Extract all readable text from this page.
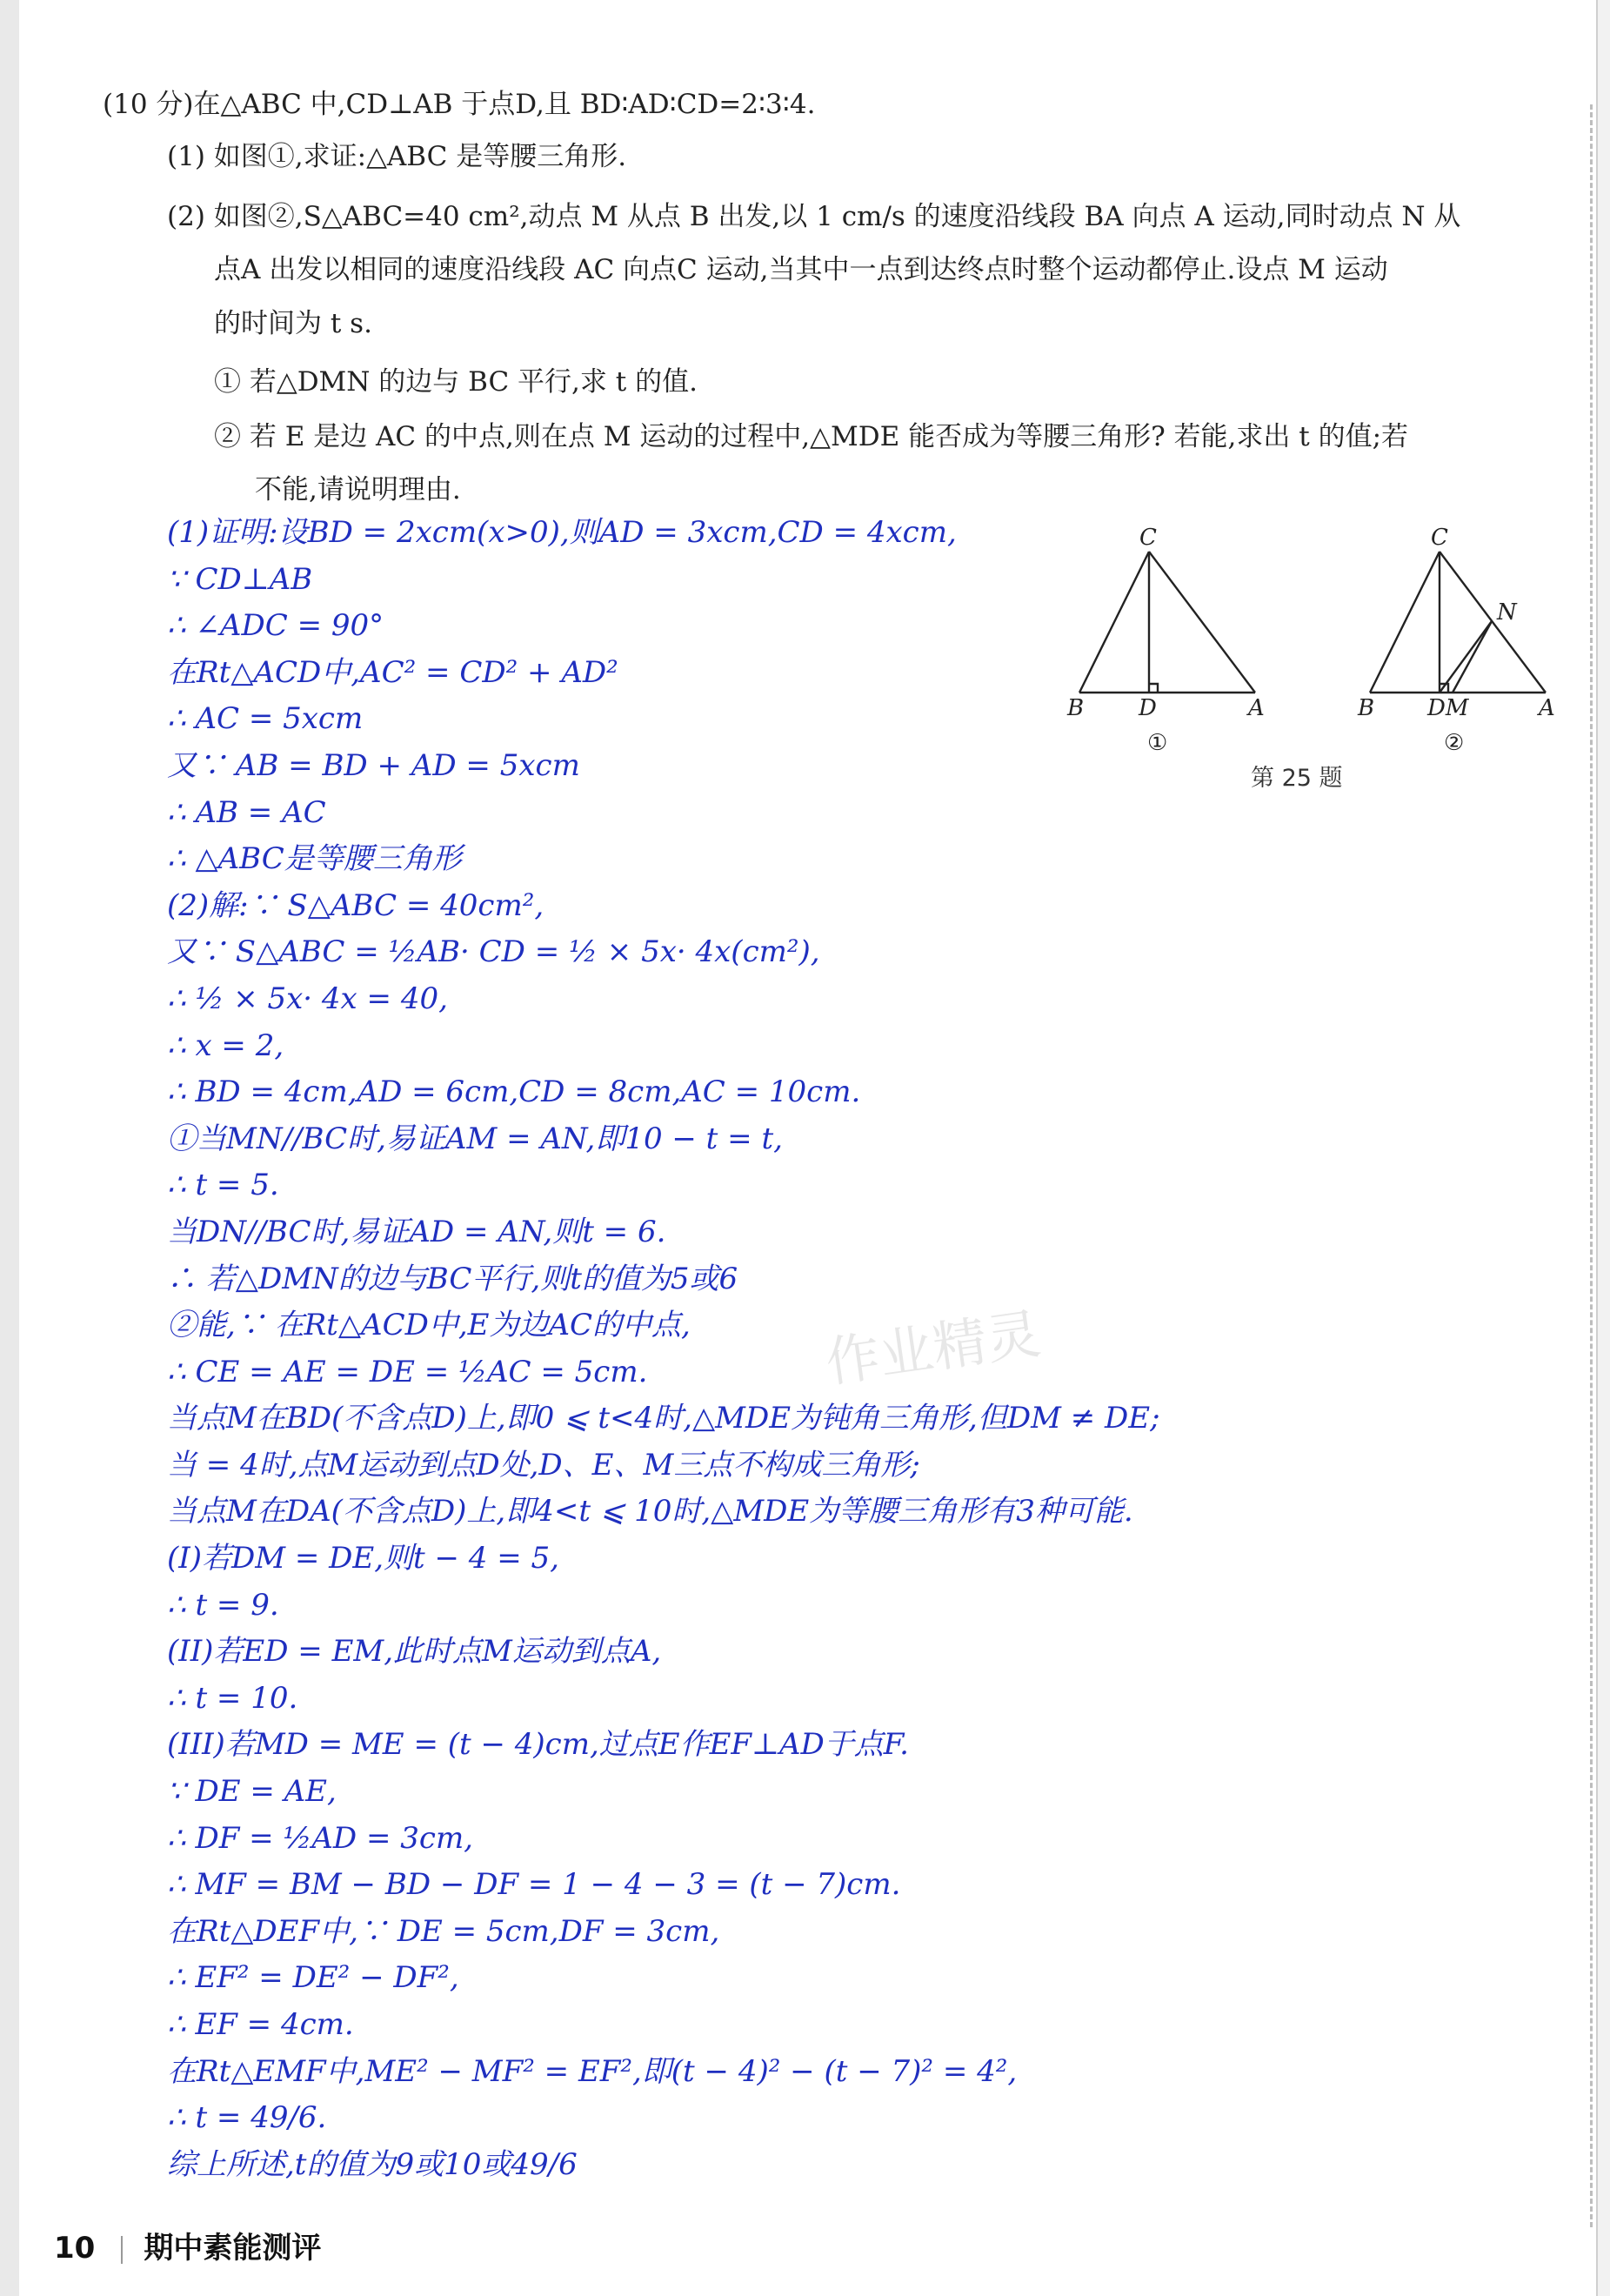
(10 分)在△ABC 中,CD⊥AB 于点D,且 BD∶AD∶CD=2∶3∶4.
(1) 如图①,求证:△ABC 是等腰三角形.
(2) 如图②,S△ABC=40 cm²,动点 M 从点 B 出发,以 1 cm/s 的速度沿线段 BA 向点 A 运动,同时动点 N 从
点A 出发以相同的速度沿线段 AC 向点C 运动,当其中一点到达终点时整个运动都停止.设点 M 运动
的时间为 t s.
① 若△DMN 的边与 BC 平行,求 t 的值.
② 若 E 是边 AC 的中点,则在点 M 运动的过程中,△MDE 能否成为等腰三角形? 若能,求出 t 的值;若
不能,请说明理由.
(1)证明:设BD = 2xcm(x>0),则AD = 3xcm,CD = 4xcm,
∵ CD⊥AB
∴ ∠ADC = 90°
在Rt△ACD中,AC² = CD² + AD²
∴ AC = 5xcm
又∵ AB = BD + AD = 5xcm
∴ AB = AC
∴ △ABC是等腰三角形
(2)解:∵ S△ABC = 40cm²,
又∵ S△ABC = ½AB· CD = ½ × 5x· 4x(cm²),
∴ ½ × 5x· 4x = 40,
∴ x = 2,
∴ BD = 4cm,AD = 6cm,CD = 8cm,AC = 10cm.
①当MN//BC时,易证AM = AN,即10 − t = t,
∴ t = 5.
当DN//BC时,易证AD = AN,则t = 6.
∴ 若△DMN的边与BC平行,则t的值为5或6
②能,∵ 在Rt△ACD中,E为边AC的中点,
∴ CE = AE = DE = ½AC = 5cm.
当点M在BD(不含点D)上,即0 ⩽ t<4时,△MDE为钝角三角形,但DM ≠ DE;
当 = 4时,点M运动到点D处,D、E、M三点不构成三角形;
当点M在DA(不含点D)上,即4<t ⩽ 10时,△MDE为等腰三角形有3种可能.
(I)若DM = DE,则t − 4 = 5,
∴ t = 9.
(II)若ED = EM,此时点M运动到点A,
∴ t = 10.
(III)若MD = ME = (t − 4)cm,过点E作EF⊥AD于点F.
∵ DE = AE,
∴ DF = ½AD = 3cm,
∴ MF = BM − BD − DF = 1 − 4 − 3 = (t − 7)cm.
在Rt△DEF中,∵ DE = 5cm,DF = 3cm,
∴ EF² = DE² − DF²,
∴ EF = 4cm.
在Rt△EMF中,ME² − MF² = EF²,即(t − 4)² − (t − 7)² = 4²,
∴ t = 49/6.
综上所述,t的值为9或10或49/6
C
B D	A
①
C
N
B DM	A
②
第 25 题
作业精灵
10 期中素能测评
